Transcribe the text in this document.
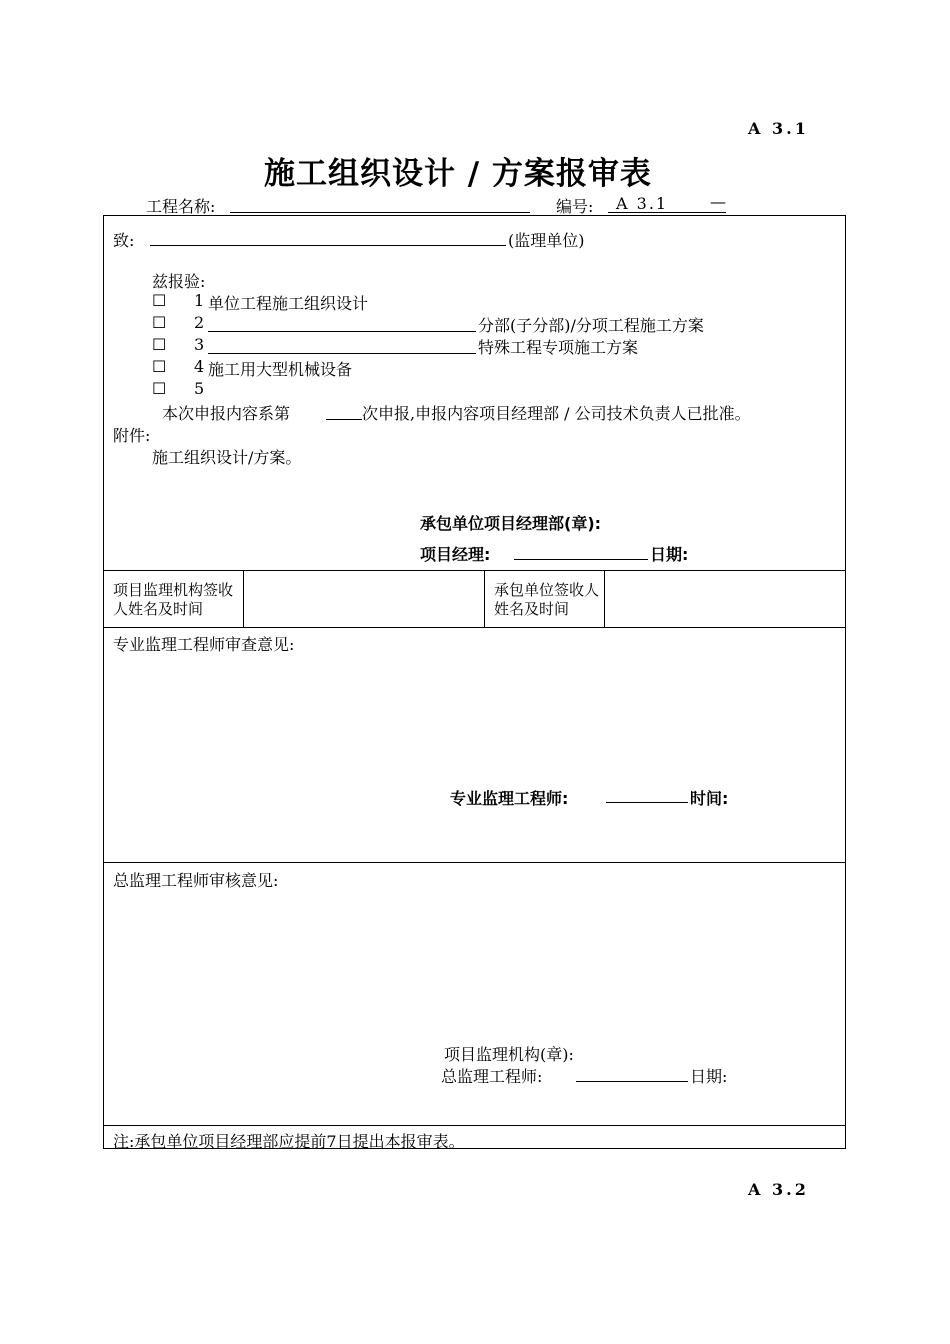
A 3.1
施工组织设计 / 方案报审表
工程名称:	编号: A 3.1	—
致:	(监理单位)
兹报验:
☐ 1 单位工程施工组织设计
☐ 2	分部(子分部)/分项工程施工方案
☐ 3	特殊工程专项施工方案
☐ 4 施工用大型机械设备
☐ 5
本次申报内容系第	次申报,申报内容项目经理部 / 公司技术负责人已批准。
附件:
施工组织设计/方案。
承包单位项目经理部(章):
项目经理:	日期:
项目监理机构签收人姓名及时间
承包单位签收人姓名及时间
专业监理工程师审查意见:
专业监理工程师:	时间:
总监理工程师审核意见:
项目监理机构(章):
总监理工程师:	日期:
注:承包单位项目经理部应提前7日提出本报审表。
A 3.2
